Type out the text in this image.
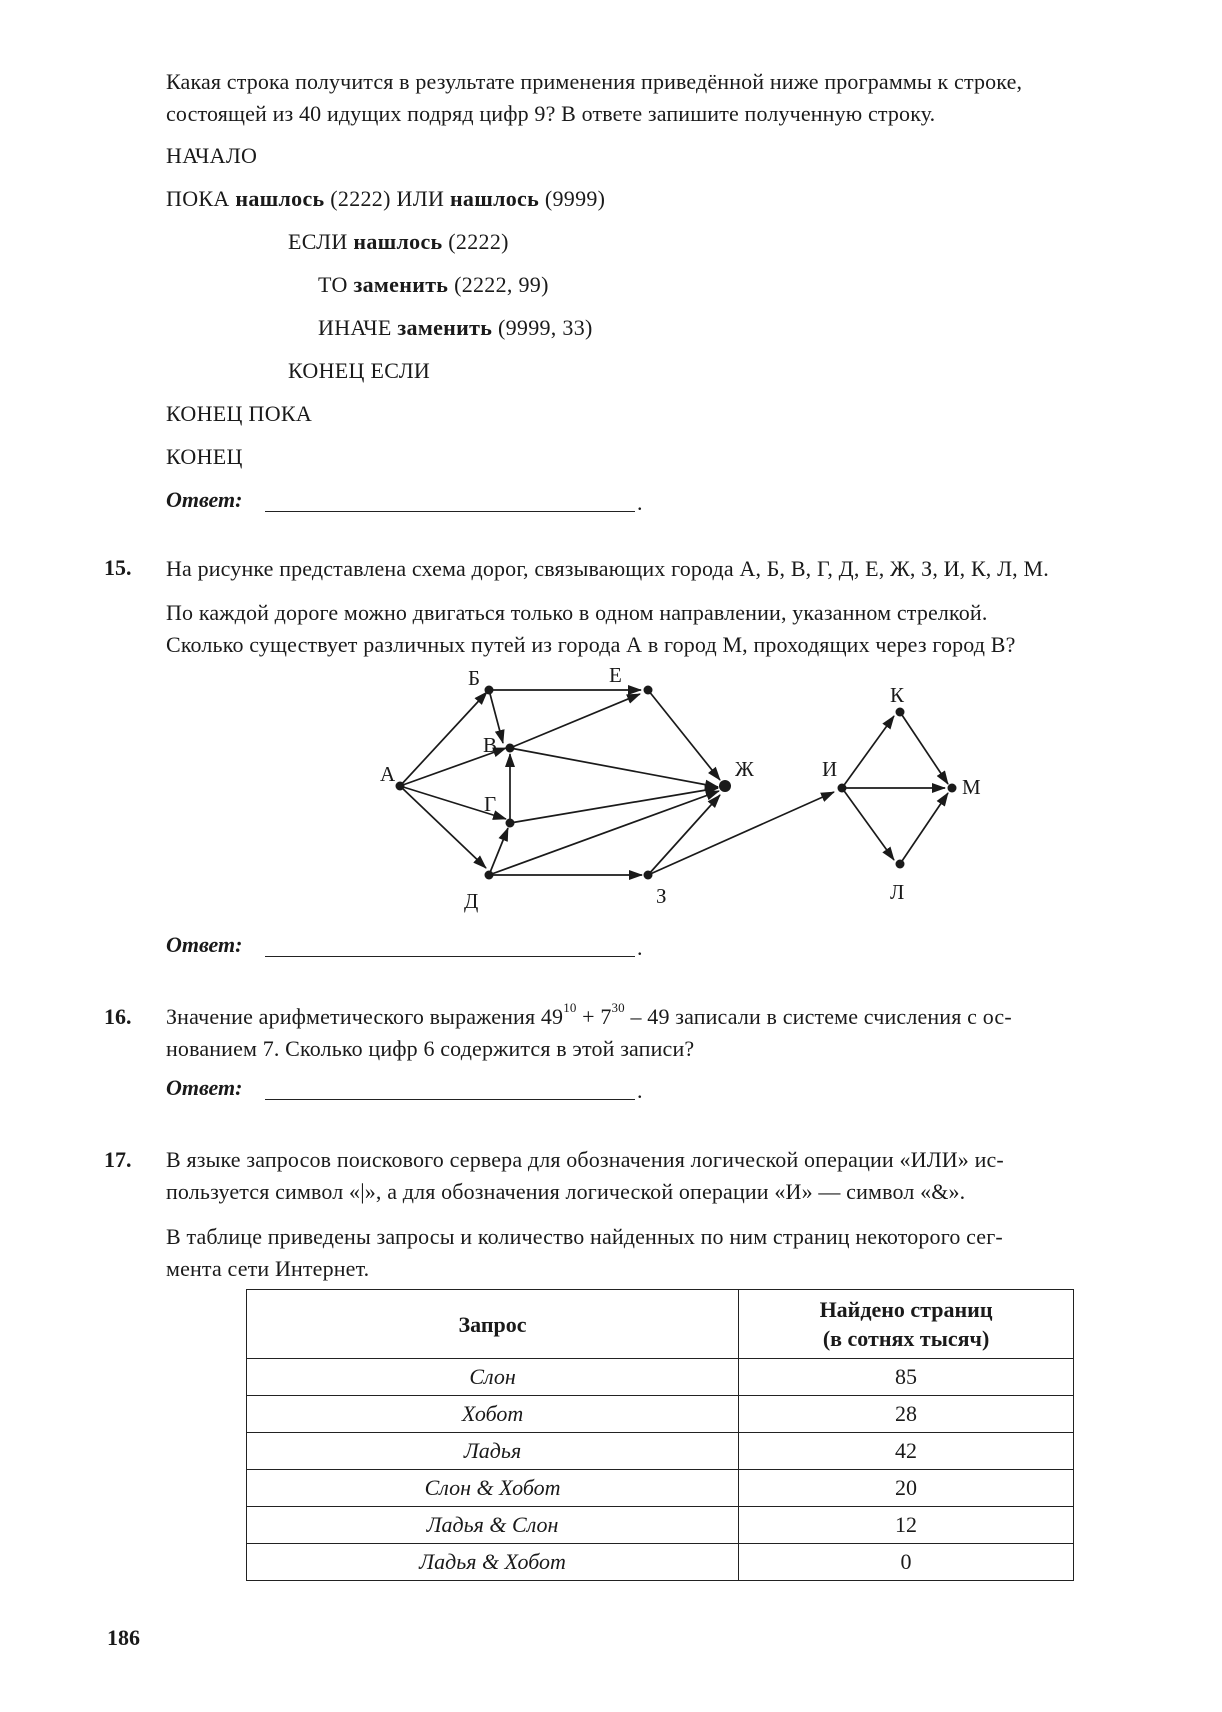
Какая строка получится в результате применения приведённой ниже программы к строке,
состоящей из 40 идущих подряд цифр 9? В ответе запишите полученную строку.
НАЧАЛО
ПОКА нашлось (2222) ИЛИ нашлось (9999)
ЕСЛИ нашлось (2222)
ТО заменить (2222, 99)
ИНАЧЕ заменить (9999, 33)
КОНЕЦ ЕСЛИ
КОНЕЦ ПОКА
КОНЕЦ
Ответ:	.
15. На рисунке представлена схема дорог, связывающих города А, Б, В, Г, Д, Е, Ж, З, И, К, Л, М.
По каждой дороге можно двигаться только в одном направлении, указанном стрелкой.
Сколько существует различных путей из города А в город М, проходящих через город В?
А
Б
В
Г
Д
Е
Ж
З
И
К
Л
М
Ответ:	.
16. Значение арифметического выражения $49^{10} + 7^{30} - 49$ записали в системе счисления с ос-
нованием 7. Сколько цифр 6 содержится в этой записи?
Ответ:	.
17. В языке запросов поискового сервера для обозначения логической операции «ИЛИ» ис-
пользуется символ «|», а для обозначения логической операции «И» — символ «&».
В таблице приведены запросы и количество найденных по ним страниц некоторого сег-
мента сети Интернет.
Запрос	Найдено страниц
(в сотнях тысяч)

Слон	85
Хобот	28
Ладья	42
Слон & Хобот	20
Ладья & Слон	12
Ладья & Хобот	0
186
